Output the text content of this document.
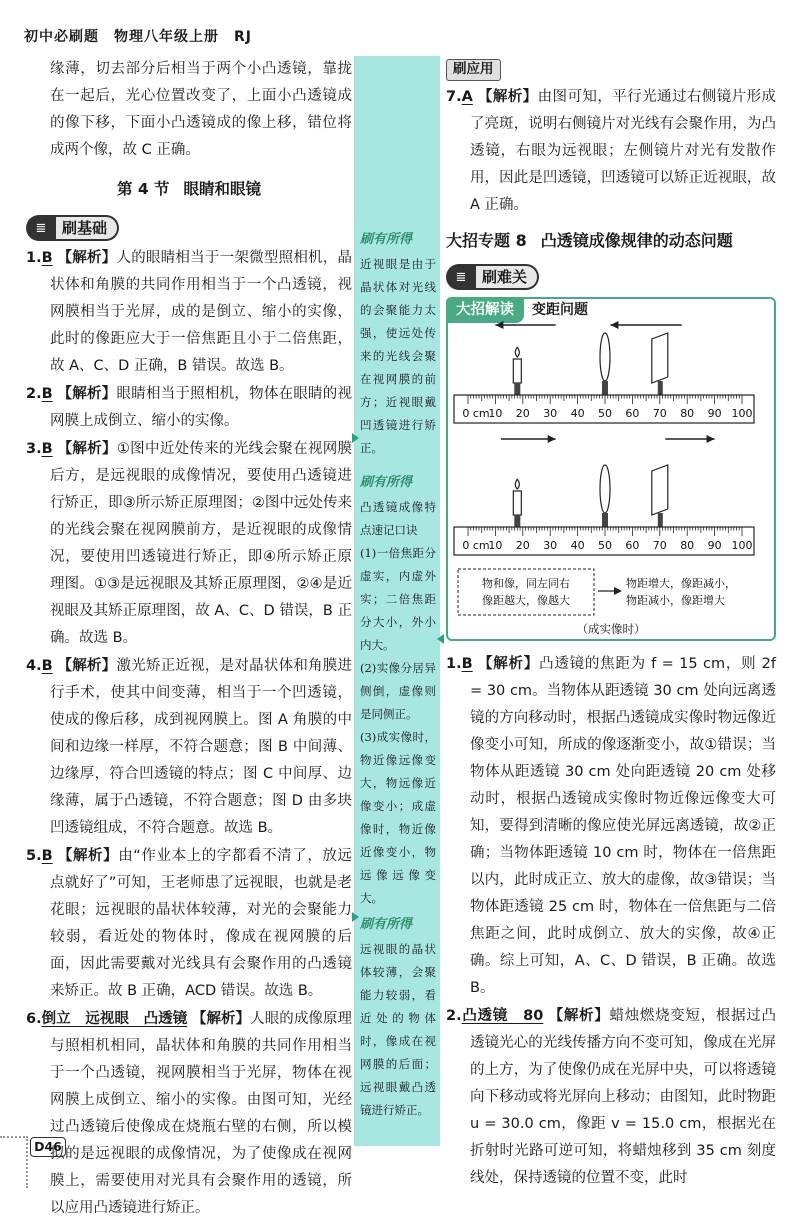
初中必刷题　物理八年级上册　RJ

缘薄，切去部分后相当于两个小凸透镜，靠拢在一起后，光心位置改变了，上面小凸透镜成的像下移，下面小凸透镜成的像上移，错位将成两个像，故 C 正确。

第 4 节 眼睛和眼镜
≣	刷基础

1.B 【解析】人的眼睛相当于一架微型照相机，晶状体和角膜的共同作用相当于一个凸透镜，视网膜相当于光屏，成的是倒立、缩小的实像，此时的像距应大于一倍焦距且小于二倍焦距，故 A、C、D 正确，B 错误。故选 B。

2.B 【解析】眼睛相当于照相机，物体在眼睛的视网膜上成倒立、缩小的实像。

3.B 【解析】①图中近处传来的光线会聚在视网膜后方，是远视眼的成像情况，要使用凸透镜进行矫正，即③所示矫正原理图；②图中远处传来的光线会聚在视网膜前方，是近视眼的成像情况，要使用凹透镜进行矫正，即④所示矫正原理图。①③是远视眼及其矫正原理图，②④是近视眼及其矫正原理图，故 A、C、D 错误，B 正确。故选 B。

4.B 【解析】激光矫正近视，是对晶状体和角膜进行手术，使其中间变薄，相当于一个凹透镜，使成的像后移，成到视网膜上。图 A 角膜的中间和边缘一样厚，不符合题意；图 B 中间薄、边缘厚，符合凹透镜的特点；图 C 中间厚、边缘薄，属于凸透镜，不符合题意；图 D 由多块凹透镜组成，不符合题意。故选 B。

5.B 【解析】由“作业本上的字都看不清了，放远点就好了”可知，王老师患了远视眼，也就是老花眼；远视眼的晶状体较薄，对光的会聚能力较弱，看近处的物体时，像成在视网膜的后面，因此需要戴对光线具有会聚作用的凸透镜来矫正。故 B 正确，ACD 错误。故选 B。

6.倒立　远视眼　凸透镜 【解析】人眼的成像原理与照相机相同，晶状体和角膜的共同作用相当于一个凸透镜，视网膜相当于光屏，物体在视网膜上成倒立、缩小的实像。由图可知，光经过凸透镜后使像成在烧瓶右壁的右侧，所以模拟的是远视眼的成像情况，为了使像成在视网膜上，需要使用对光具有会聚作用的透镜，所以应用凸透镜进行矫正。

刷有所得

近视眼是由于晶状体对光线的会聚能力太强，使远处传来的光线会聚在视网膜的前方；近视眼戴凹透镜进行矫正。

刷有所得

凸透镜成像特点速记口诀

(1)一倍焦距分虚实，内虚外实；二倍焦距分大小，外小内大。

(2)实像分居异侧倒，虚像则是同侧正。

(3)成实像时，物近像远像变大，物远像近像变小；成虚像时，物近像近像变小，物远像远像变大。

刷有所得

远视眼的晶状体较薄，会聚能力较弱，看近处的物体时，像成在视网膜的后面；远视眼戴凸透镜进行矫正。

刷应用

7.A 【解析】由图可知，平行光通过右侧镜片形成了亮斑，说明右侧镜片对光线有会聚作用，为凸透镜，右眼为远视眼；左侧镜片对光有发散作用，因此是凹透镜，凹透镜可以矫正近视眼，故 A 正确。

大招专题 8 凸透镜成像规律的动态问题
≣	刷难关
大招解读	变距问题
0 cm
10 20 30 40 50 60 70 80 90 100
0 cm
10 20 30 40 50 60 70 80 90 100
物和像，同左同右
像距越大，像越大
物距增大，像距减小，
物距减小，像距增大
（成实像时）

1.B 【解析】凸透镜的焦距为 f = 15 cm，则 2f = 30 cm。当物体从距透镜 30 cm 处向远离透镜的方向移动时，根据凸透镜成实像时物远像近像变小可知，所成的像逐渐变小，故①错误；当物体从距透镜 30 cm 处向距透镜 20 cm 处移动时，根据凸透镜成实像时物近像远像变大可知，要得到清晰的像应使光屏远离透镜，故②正确；当物体距透镜 10 cm 时，物体在一倍焦距以内，此时成正立、放大的虚像，故③错误；当物体距透镜 25 cm 时，物体在一倍焦距与二倍焦距之间，此时成倒立、放大的实像，故④正确。综上可知，A、C、D 错误，B 正确。故选 B。

2.凸透镜　80 【解析】蜡烛燃烧变短，根据过凸透镜光心的光线传播方向不变可知，像成在光屏的上方，为了使像仍成在光屏中央，可以将透镜向下移动或将光屏向上移动；由图知，此时物距 u = 30.0 cm，像距 v = 15.0 cm，根据光在折射时光路可逆可知，将蜡烛移到 35 cm 刻度线处，保持透镜的位置不变，此时

D46
